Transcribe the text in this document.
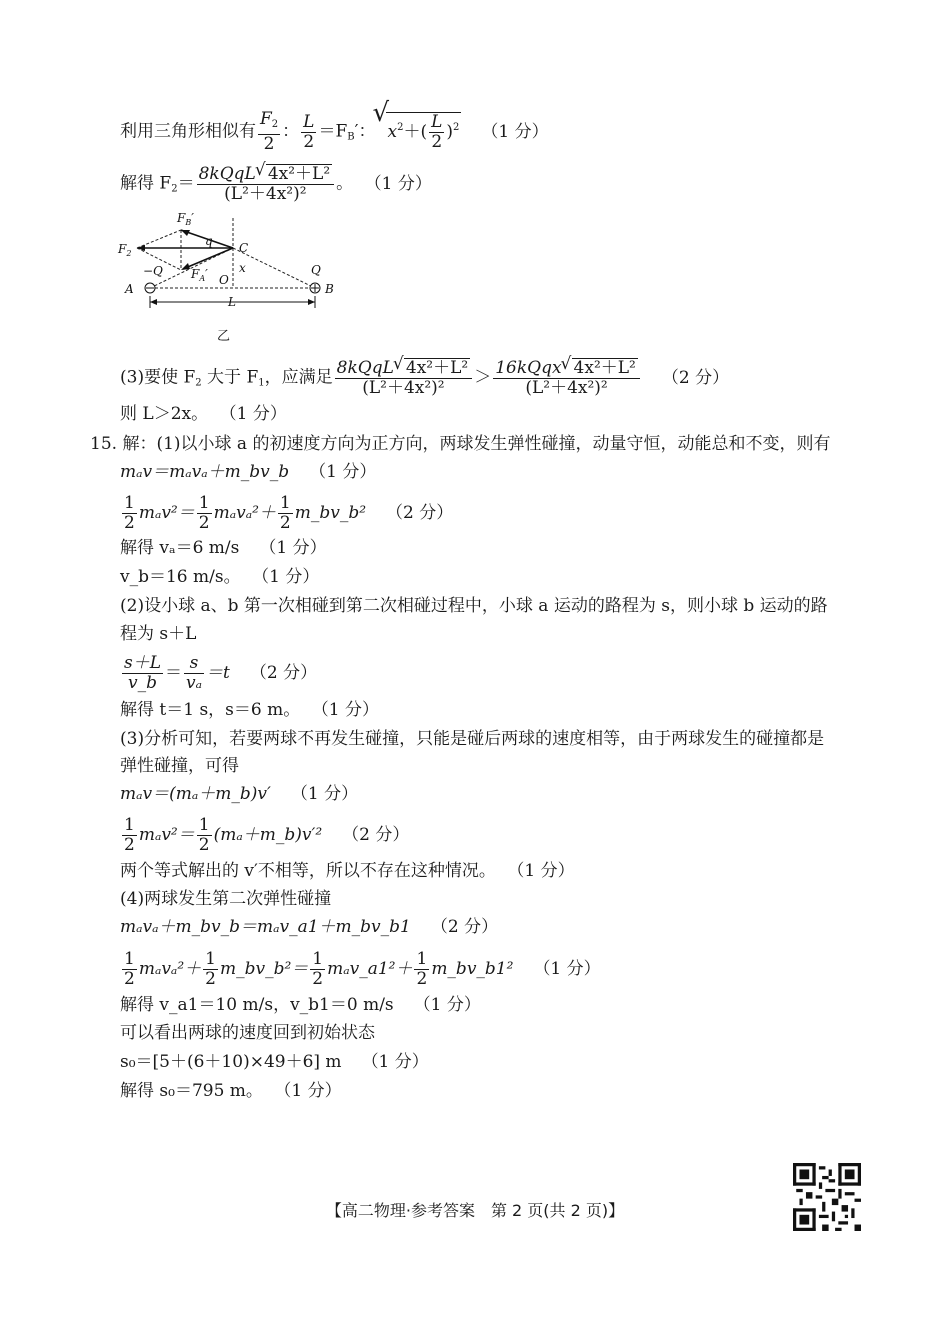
利用三角形相似有 $\frac{F_2}{2}$ ： $\frac{L}{2} =F_B'$： √ $x^2+( \frac{L}{2} )^2$ （1 分）
解得 $F_2= \frac{\text{8kQqL √ 4x²＋L²}}{\text{(L²＋4x²)²}}$ 。 （1 分）
$F_B'$
$F_2$
q C
−Q $F_A'$ O
x	Q
A	B
L
乙
(3)要使 $F_2$ 大于 $F_1$，应满足 $\frac{\text{8kQqL √ 4x²＋L²}}{\text{(L²＋4x²)²}} > \frac{\text{16kQqx √ 4x²＋L²}}{\text{(L²＋4x²)²}} (2$ 分）
则 L＞2x。 （1 分）
15. 解：(1)以小球 a 的初速度方向为正方向，两球发生弹性碰撞，动量守恒，动能总和不变，则有
mₐv＝mₐvₐ＋m_bv_b （1 分）
$\frac{1}{2} m_av^2= \frac{1}{2} m_av_a^2+ \frac{1}{2}$ m_bv_b² （2 分）
解得 vₐ＝6 m/s （1 分）
v_b＝16 m/s。 （1 分）
(2)设小球 a、b 第一次相碰到第二次相碰过程中，小球 a 运动的路程为 s，则小球 b 运动的路
程为 s＋L
$\frac{s+L}{v\_b} = \frac{s}{\text{vₐ}} =t$ （2 分）
解得 t＝1 s，s＝6 m。 （1 分）
(3)分析可知，若要两球不再发生碰撞，只能是碰后两球的速度相等，由于两球发生的碰撞都是
弹性碰撞，可得
mₐv＝(mₐ＋m_b)v′ （1 分）
$\frac{1}{2} m_av^2= \frac{1}{2}$ (mₐ＋m_b)v′² （2 分）
两个等式解出的 v′不相等，所以不存在这种情况。 （1 分）
(4)两球发生第二次弹性碰撞
mₐvₐ＋m_bv_b＝mₐv_a1＋m_bv_b1 （2 分）
$\frac{1}{2} m_av_a^2+ \frac{1}{2}$ m_bv_b²＝ $\frac{1}{2}$ mₐv_a1²＋ $\frac{1}{2}$ m_bv_b1² （1 分）
解得 v_a1＝10 m/s，v_b1＝0 m/s （1 分）
可以看出两球的速度回到初始状态
s₀＝[5＋(6＋10)×49＋6] m （1 分）
解得 s₀＝795 m。 （1 分）
【高二物理·参考答案　第 2 页(共 2 页)】
